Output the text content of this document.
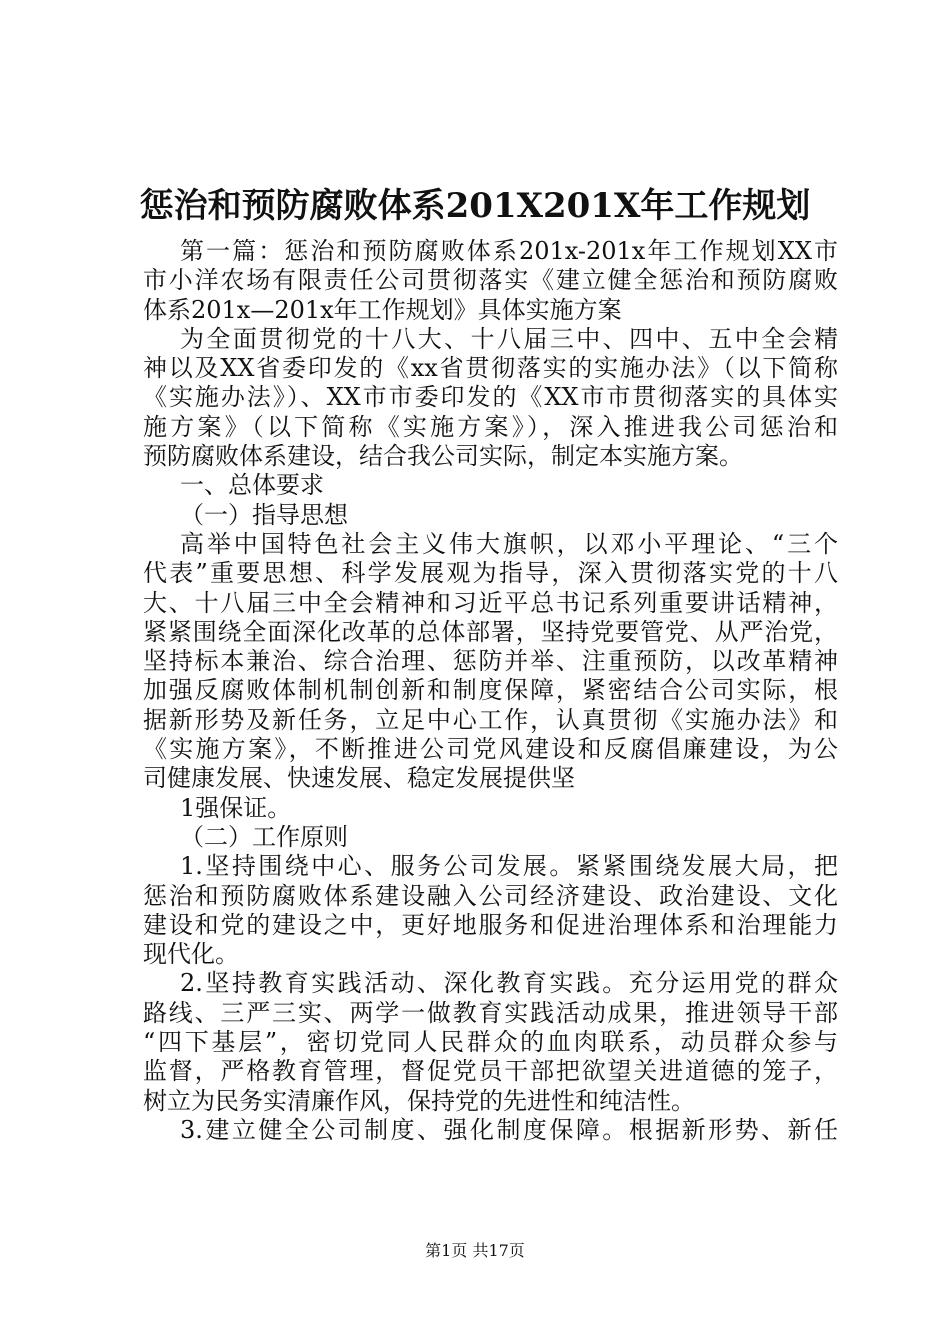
惩治和预防腐败体系201X201X年工作规划
第一篇：惩治和预防腐败体系201x-201x年工作规划XX市
市小洋农场有限责任公司贯彻落实《建立健全惩治和预防腐败
体系201x—201x年工作规划》具体实施方案
为全面贯彻党的十八大、十八届三中、四中、五中全会精
神以及XX省委印发的《xx省贯彻落实的实施办法》（以下简称
《实施办法》）、XX市市委印发的《XX市市贯彻落实的具体实
施方案》（以下简称《实施方案》），深入推进我公司惩治和
预防腐败体系建设，结合我公司实际，制定本实施方案。
一、总体要求
（一）指导思想
高举中国特色社会主义伟大旗帜，以邓小平理论、“三个
代表”重要思想、科学发展观为指导，深入贯彻落实党的十八
大、十八届三中全会精神和习近平总书记系列重要讲话精神，
紧紧围绕全面深化改革的总体部署，坚持党要管党、从严治党，
坚持标本兼治、综合治理、惩防并举、注重预防，以改革精神
加强反腐败体制机制创新和制度保障，紧密结合公司实际，根
据新形势及新任务，立足中心工作，认真贯彻《实施办法》和
《实施方案》，不断推进公司党风建设和反腐倡廉建设，为公
司健康发展、快速发展、稳定发展提供坚
1强保证。
（二）工作原则
1.坚持围绕中心、服务公司发展。紧紧围绕发展大局，把
惩治和预防腐败体系建设融入公司经济建设、政治建设、文化
建设和党的建设之中，更好地服务和促进治理体系和治理能力
现代化。
2.坚持教育实践活动、深化教育实践。充分运用党的群众
路线、三严三实、两学一做教育实践活动成果，推进领导干部
“四下基层”，密切党同人民群众的血肉联系，动员群众参与
监督，严格教育管理，督促党员干部把欲望关进道德的笼子，
树立为民务实清廉作风，保持党的先进性和纯洁性。
3.建立健全公司制度、强化制度保障。根据新形势、新任
第1页 共17页
